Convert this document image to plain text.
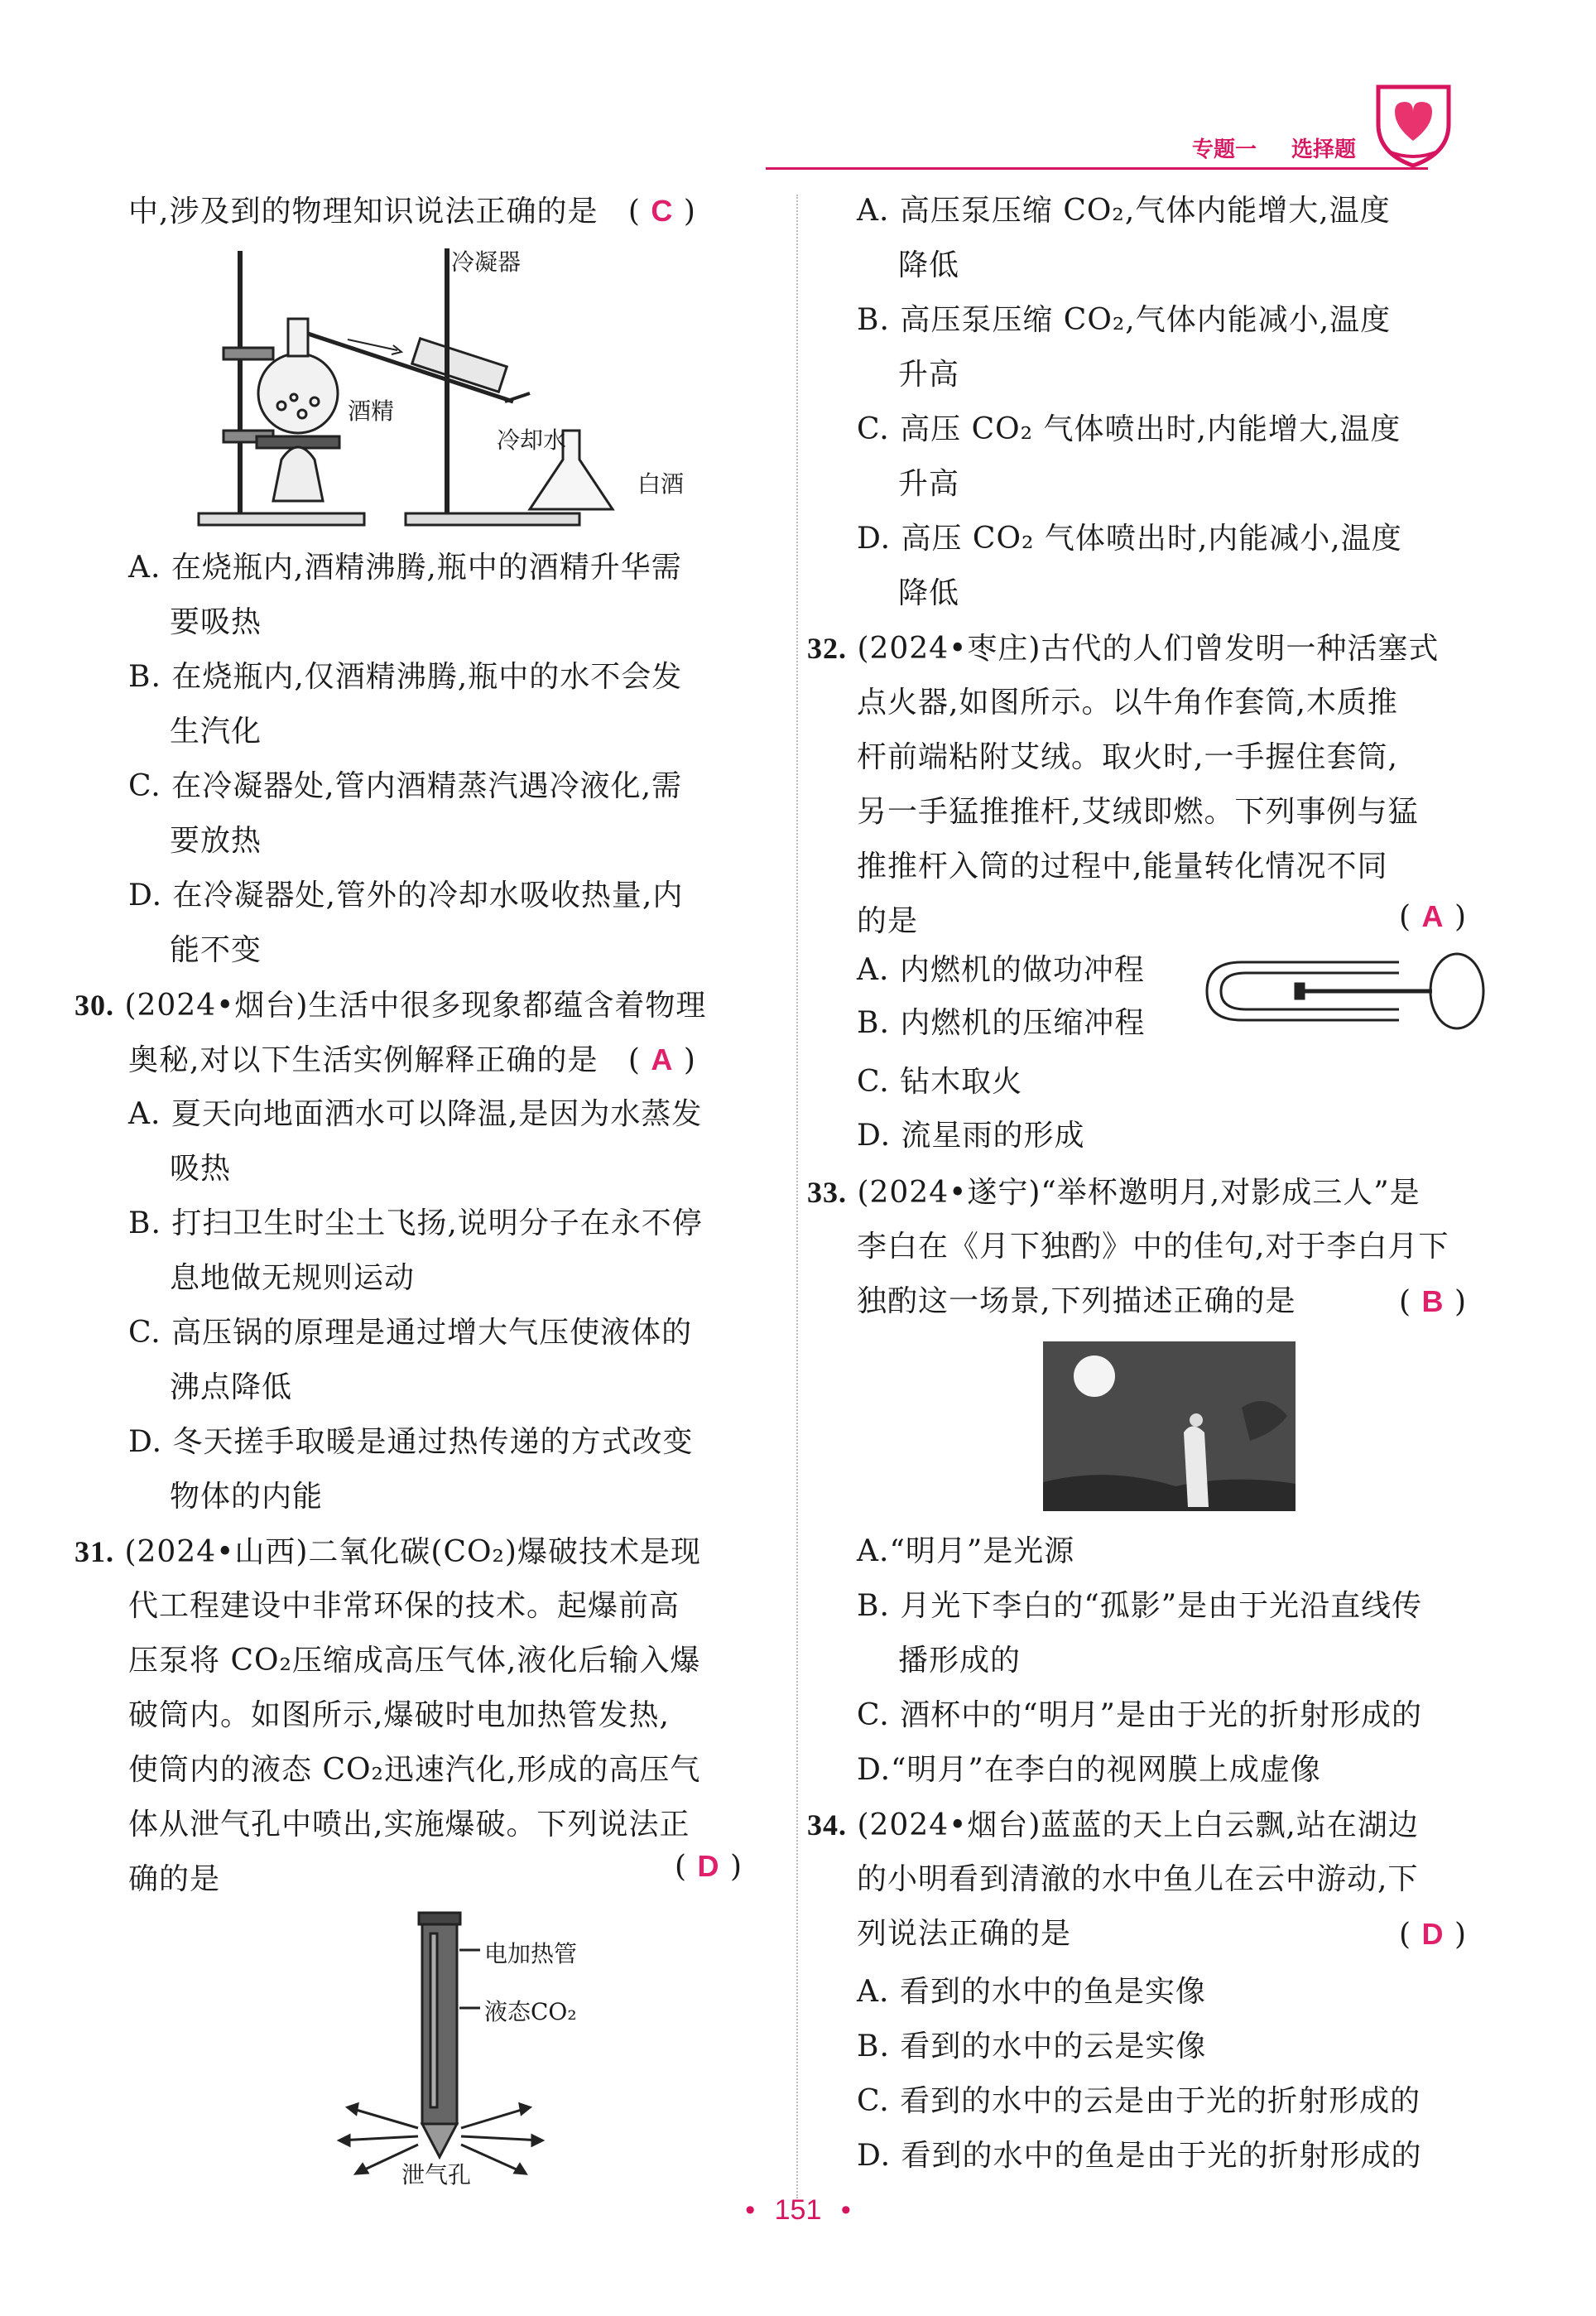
专题一 选择题
中,涉及到的物理知识说法正确的是 ( C )
冷凝器
酒精
冷却水
白酒
A. 在烧瓶内,酒精沸腾,瓶中的酒精升华需
要吸热
B. 在烧瓶内,仅酒精沸腾,瓶中的水不会发
生汽化
C. 在冷凝器处,管内酒精蒸汽遇冷液化,需
要放热
D. 在冷凝器处,管外的冷却水吸收热量,内
能不变
30. (2024•烟台)生活中很多现象都蕴含着物理
奥秘,对以下生活实例解释正确的是 ( A )
A. 夏天向地面洒水可以降温,是因为水蒸发
吸热
B. 打扫卫生时尘土飞扬,说明分子在永不停
息地做无规则运动
C. 高压锅的原理是通过增大气压使液体的
沸点降低
D. 冬天搓手取暖是通过热传递的方式改变
物体的内能
31. (2024•山西)二氧化碳(CO₂)爆破技术是现
代工程建设中非常环保的技术。起爆前高
压泵将 CO₂压缩成高压气体,液化后输入爆
破筒内。如图所示,爆破时电加热管发热,
使筒内的液态 CO₂迅速汽化,形成的高压气
体从泄气孔中喷出,实施爆破。下列说法正
确的是	( D )
电加热管
液态CO₂
泄气孔
A. 高压泵压缩 CO₂,气体内能增大,温度
降低
B. 高压泵压缩 CO₂,气体内能减小,温度
升高
C. 高压 CO₂ 气体喷出时,内能增大,温度
升高
D. 高压 CO₂ 气体喷出时,内能减小,温度
降低
32. (2024•枣庄)古代的人们曾发明一种活塞式
点火器,如图所示。以牛角作套筒,木质推
杆前端粘附艾绒。取火时,一手握住套筒,
另一手猛推推杆,艾绒即燃。下列事例与猛
推推杆入筒的过程中,能量转化情况不同
的是	( A )
A. 内燃机的做功冲程
B. 内燃机的压缩冲程
C. 钻木取火
D. 流星雨的形成
33. (2024•遂宁)“举杯邀明月,对影成三人”是
李白在《月下独酌》中的佳句,对于李白月下
独酌这一场景,下列描述正确的是	( B )
A.“明月”是光源
B. 月光下李白的“孤影”是由于光沿直线传
播形成的
C. 酒杯中的“明月”是由于光的折射形成的
D.“明月”在李白的视网膜上成虚像
34. (2024•烟台)蓝蓝的天上白云飘,站在湖边
的小明看到清澈的水中鱼儿在云中游动,下
列说法正确的是	( D )
A. 看到的水中的鱼是实像
B. 看到的水中的云是实像
C. 看到的水中的云是由于光的折射形成的
D. 看到的水中的鱼是由于光的折射形成的
• 151 •
